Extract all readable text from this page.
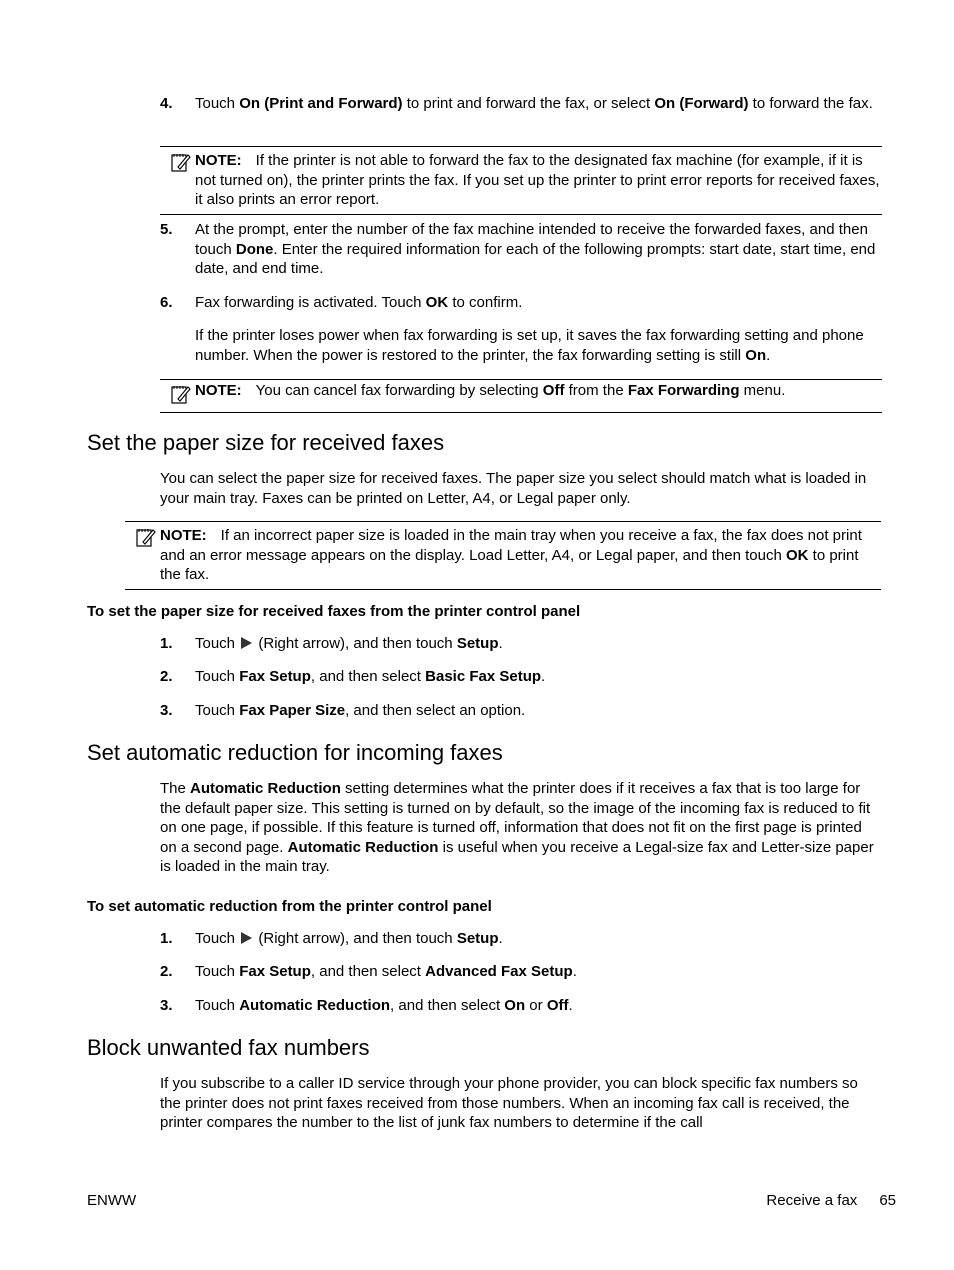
4. Touch On (Print and Forward) to print and forward the fax, or select On (Forward) to forward the fax.
NOTE: If the printer is not able to forward the fax to the designated fax machine (for example, if it is not turned on), the printer prints the fax. If you set up the printer to print error reports for received faxes, it also prints an error report.
5. At the prompt, enter the number of the fax machine intended to receive the forwarded faxes, and then touch Done. Enter the required information for each of the following prompts: start date, start time, end date, and end time.
6. Fax forwarding is activated. Touch OK to confirm.
If the printer loses power when fax forwarding is set up, it saves the fax forwarding setting and phone number. When the power is restored to the printer, the fax forwarding setting is still On.
NOTE: You can cancel fax forwarding by selecting Off from the Fax Forwarding menu.
Set the paper size for received faxes
You can select the paper size for received faxes. The paper size you select should match what is loaded in your main tray. Faxes can be printed on Letter, A4, or Legal paper only.
NOTE: If an incorrect paper size is loaded in the main tray when you receive a fax, the fax does not print and an error message appears on the display. Load Letter, A4, or Legal paper, and then touch OK to print the fax.
To set the paper size for received faxes from the printer control panel
1. Touch  (Right arrow), and then touch Setup.
2. Touch Fax Setup, and then select Basic Fax Setup.
3. Touch Fax Paper Size, and then select an option.
Set automatic reduction for incoming faxes
The Automatic Reduction setting determines what the printer does if it receives a fax that is too large for the default paper size. This setting is turned on by default, so the image of the incoming fax is reduced to fit on one page, if possible. If this feature is turned off, information that does not fit on the first page is printed on a second page. Automatic Reduction is useful when you receive a Legal-size fax and Letter-size paper is loaded in the main tray.
To set automatic reduction from the printer control panel
1. Touch  (Right arrow), and then touch Setup.
2. Touch Fax Setup, and then select Advanced Fax Setup.
3. Touch Automatic Reduction, and then select On or Off.
Block unwanted fax numbers
If you subscribe to a caller ID service through your phone provider, you can block specific fax numbers so the printer does not print faxes received from those numbers. When an incoming fax call is received, the printer compares the number to the list of junk fax numbers to determine if the call
ENWW	Receive a fax 65
